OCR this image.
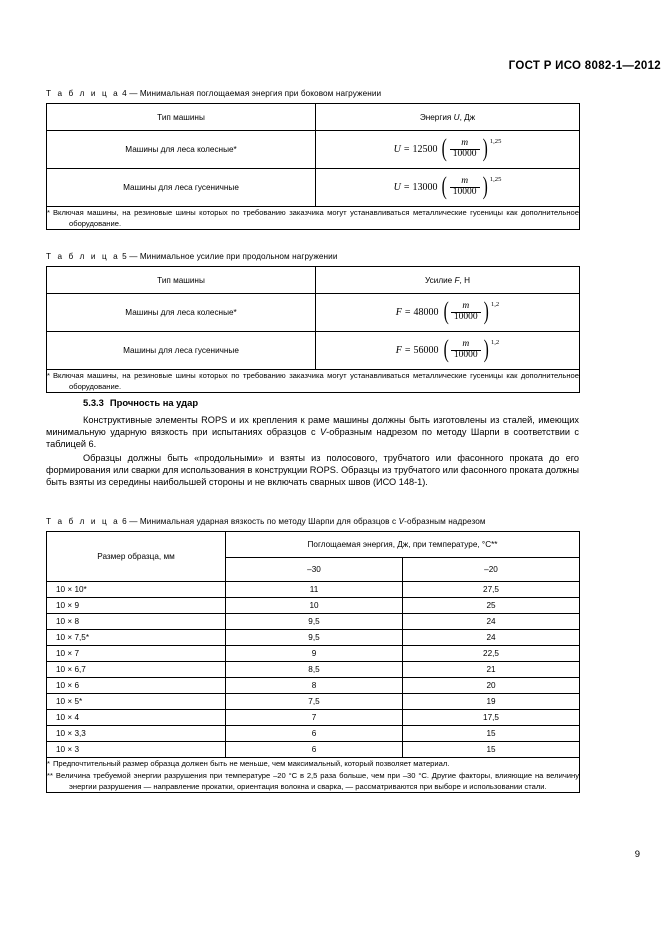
ГОСТ Р ИСО 8082-1—2012
Т а б л и ц а 4 — Минимальная поглощаемая энергия при боковом нагружении
Тип машины	Энергия U, Дж
Машины для леса колесные*	U = 12500 ( $\frac{m}{10000}$ ) 1,25

Машины для леса гусеничные	U = 13000 ( $\frac{m}{10000}$ ) 1,25

* Включая машины, на резиновые шины которых по требованию заказчика могут устанавливаться металлические гусеницы как дополнительное оборудование.	

Т а б л и ц а 5 — Минимальное усилие при продольном нагружении
Тип машины	Усилие F, Н
Машины для леса колесные*	F = 48000 ( $\frac{m}{10000}$ ) 1,2

Машины для леса гусеничные	F = 56000 ( $\frac{m}{10000}$ ) 1,2

* Включая машины, на резиновые шины которых по требованию заказчика могут устанавливаться металлические гусеницы как дополнительное оборудование.	

5.3.3 Прочность на удар

Конструктивные элементы ROPS и их крепления к раме машины должны быть изготовлены из сталей, имеющих минимальную ударную вязкость при испытаниях образцов с V-образным надрезом по методу Шарпи в соответствии с таблицей 6.

Образцы должны быть «продольными» и взяты из полосового, трубчатого или фасонного проката до его формирования или сварки для использования в конструкции ROPS. Образцы из трубчатого или фасонного проката должны быть взяты из середины наибольшей стороны и не включать сварных швов (ИСО 148-1).

Т а б л и ц а 6 — Минимальная ударная вязкость по методу Шарпи для образцов с V-образным надрезом
Размер образца, мм	Поглощаемая энергия, Дж, при температуре, °С**	
	–30	–20
10 × 10*	11	27,5
10 × 9	10	25
10 × 8	9,5	24
10 × 7,5*	9,5	24
10 × 7	9	22,5
10 × 6,7	8,5	21
10 × 6	8	20
10 × 5*	7,5	19
10 × 4	7	17,5
10 × 3,3	6	15
10 × 3	6	15

* Предпочтительный размер образца должен быть не меньше, чем максимальный, который позволяет материал.

** Величина требуемой энергии разрушения при температуре –20 °С в 2,5 раза больше, чем при –30 °С. Другие факторы, влияющие на величину энергии разрушения — направление прокатки, ориентация волокна и сварка, — рассматриваются при выборе и использовании стали.		

9
